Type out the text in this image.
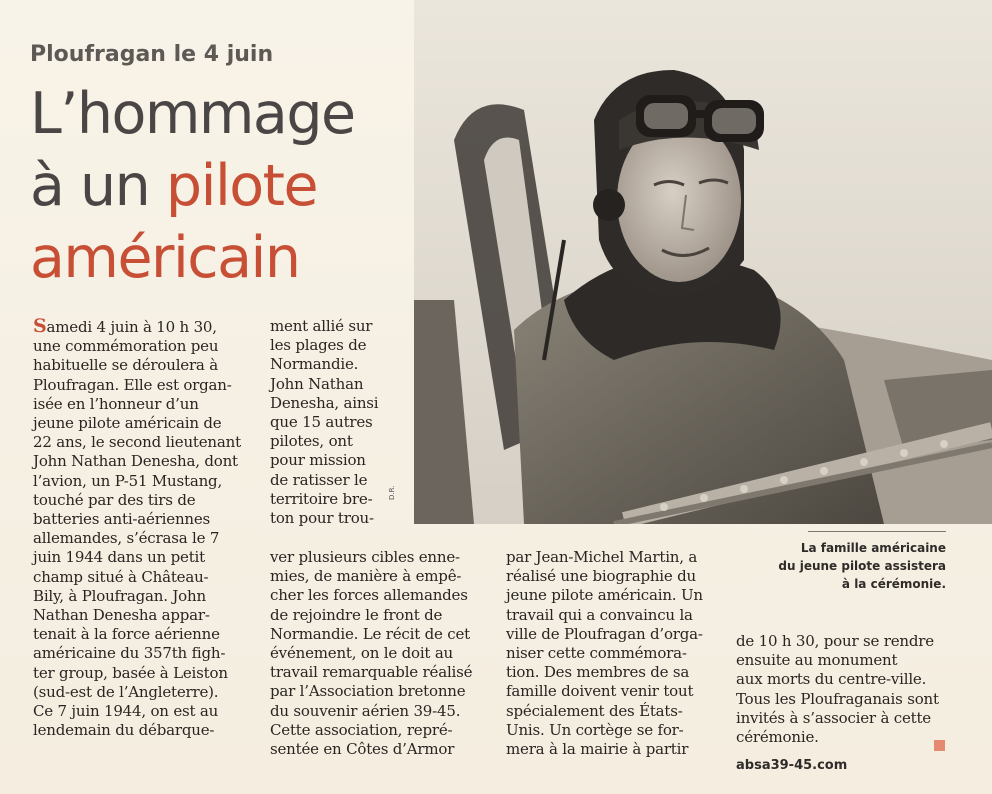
Ploufragan le 4 juin
L’hommage
à un pilote
américain
D.R.
La famille américaine
du jeune pilote assistera
à la cérémonie.
Samedi 4 juin à 10 h 30,
une commémoration peu
habituelle se déroulera à
Ploufragan. Elle est organ-
isée en l’honneur d’un
jeune pilote américain de
22 ans, le second lieutenant
John Nathan Denesha, dont
l’avion, un P-51 Mustang,
touché par des tirs de
batteries anti-aériennes
allemandes, s’écrasa le 7
juin 1944 dans un petit
champ situé à Château-
Bily, à Ploufragan. John
Nathan Denesha appar-
tenait à la force aérienne
américaine du 357th figh-
ter group, basée à Leiston
(sud-est de l’Angleterre).
Ce 7 juin 1944, on est au
lendemain du débarque-
ment allié sur
les plages de
Normandie.
John Nathan
Denesha, ainsi
que 15 autres
pilotes, ont
pour mission
de ratisser le
territoire bre-
ton pour trou-
ver plusieurs cibles enne-
mies, de manière à empê-
cher les forces allemandes
de rejoindre le front de
Normandie. Le récit de cet
événement, on le doit au
travail remarquable réalisé
par l’Association bretonne
du souvenir aérien 39-45.
Cette association, repré-
sentée en Côtes d’Armor
par Jean-Michel Martin, a
réalisé une biographie du
jeune pilote américain. Un
travail qui a convaincu la
ville de Ploufragan d’orga-
niser cette commémora-
tion. Des membres de sa
famille doivent venir tout
spécialement des États-
Unis. Un cortège se for-
mera à la mairie à partir
de 10 h 30, pour se rendre
ensuite au monument
aux morts du centre-ville.
Tous les Ploufraganais sont
invités à s’associer à cette
cérémonie.
absa39-45.com
